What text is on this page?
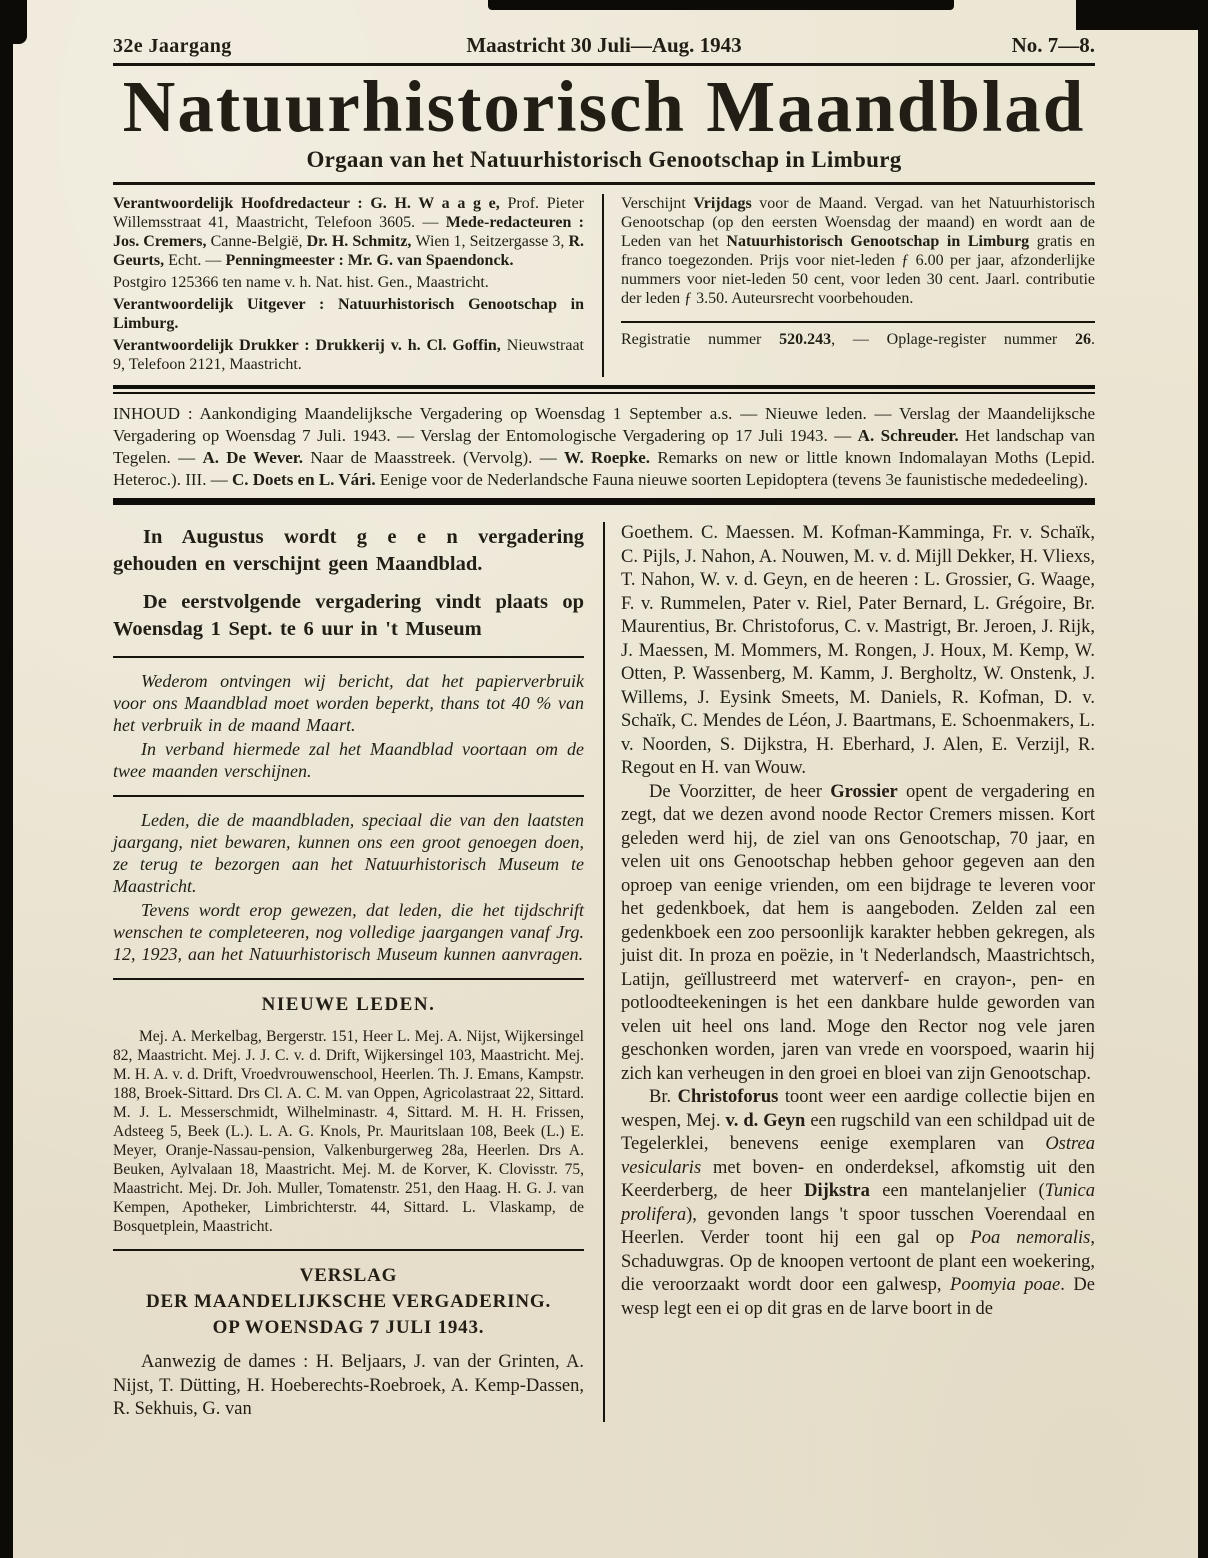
32e Jaargang	Maastricht 30 Juli—Aug. 1943	No. 7—8.
Natuurhistorisch Maandblad
Orgaan van het Natuurhistorisch Genootschap in Limburg

Verantwoordelijk Hoofdredacteur : G. H. W a a g e, Prof. Pieter Willemsstraat 41, Maastricht, Telefoon 3605. — Mede-redacteuren : Jos. Cremers, Canne-België, Dr. H. Schmitz, Wien 1, Seitzergasse 3, R. Geurts, Echt. — Penningmeester : Mr. G. van Spaendonck.

Postgiro 125366 ten name v. h. Nat. hist. Gen., Maastricht.

Verantwoordelijk Uitgever : Natuurhistorisch Genootschap in Limburg.

Verantwoordelijk Drukker : Drukkerij v. h. Cl. Goffin, Nieuwstraat 9, Telefoon 2121, Maastricht.

Verschijnt Vrijdags voor de Maand. Vergad. van het Natuurhistorisch Genootschap (op den eersten Woensdag der maand) en wordt aan de Leden van het Natuurhistorisch Genootschap in Limburg gratis en franco toegezonden. Prijs voor niet-leden ƒ 6.00 per jaar, afzonderlijke nummers voor niet-leden 50 cent, voor leden 30 cent. Jaarl. contributie der leden ƒ 3.50. Auteursrecht voorbehouden.

Registratie nummer 520.243, — Oplage-register nummer 26.

INHOUD : Aankondiging Maandelijksche Vergadering op Woensdag 1 September a.s. — Nieuwe leden. — Verslag der Maandelijksche Vergadering op Woensdag 7 Juli. 1943. — Verslag der Entomologische Vergadering op 17 Juli 1943. — A. Schreuder. Het landschap van Tegelen. — A. De Wever. Naar de Maasstreek. (Vervolg). — W. Roepke. Remarks on new or little known Indomalayan Moths (Lepid. Heteroc.). III. — C. Doets en L. Vári. Eenige voor de Nederlandsche Fauna nieuwe soorten Lepidoptera (tevens 3e faunistische mededeeling).

In Augustus wordt g e e n vergadering gehouden en verschijnt geen Maandblad.

De eerstvolgende vergadering vindt plaats op Woensdag 1 Sept. te 6 uur in 't Museum

Wederom ontvingen wij bericht, dat het papierverbruik voor ons Maandblad moet worden beperkt, thans tot 40 % van het verbruik in de maand Maart.

In verband hiermede zal het Maandblad voortaan om de twee maanden verschijnen.

Leden, die de maandbladen, speciaal die van den laatsten jaargang, niet bewaren, kunnen ons een groot genoegen doen, ze terug te bezorgen aan het Natuurhistorisch Museum te Maastricht.

Tevens wordt erop gewezen, dat leden, die het tijdschrift wenschen te completeeren, nog volledige jaargangen vanaf Jrg. 12, 1923, aan het Natuurhistorisch Museum kunnen aanvragen.

NIEUWE LEDEN.

Mej. A. Merkelbag, Bergerstr. 151, Heer L. Mej. A. Nijst, Wijkersingel 82, Maastricht. Mej. J. J. C. v. d. Drift, Wijkersingel 103, Maastricht. Mej. M. H. A. v. d. Drift, Vroedvrouwenschool, Heerlen. Th. J. Emans, Kampstr. 188, Broek-Sittard. Drs Cl. A. C. M. van Oppen, Agricolastraat 22, Sittard. M. J. L. Messerschmidt, Wilhelminastr. 4, Sittard. M. H. H. Frissen, Adsteeg 5, Beek (L.). L. A. G. Knols, Pr. Mauritslaan 108, Beek (L.) E. Meyer, Oranje-Nassau-pension, Valkenburgerweg 28a, Heerlen. Drs A. Beuken, Aylvalaan 18, Maastricht. Mej. M. de Korver, K. Clovisstr. 75, Maastricht. Mej. Dr. Joh. Muller, Tomatenstr. 251, den Haag. H. G. J. van Kempen, Apotheker, Limbrichterstr. 44, Sittard. L. Vlaskamp, de Bosquetplein, Maastricht.

VERSLAG
DER MAANDELIJKSCHE VERGADERING.
OP WOENSDAG 7 JULI 1943.

Aanwezig de dames : H. Beljaars, J. van der Grinten, A. Nijst, T. Dütting, H. Hoeberechts-Roebroek, A. Kemp-Dassen, R. Sekhuis, G. van

Goethem. C. Maessen. M. Kofman-Kamminga, Fr. v. Schaïk, C. Pijls, J. Nahon, A. Nouwen, M. v. d. Mijll Dekker, H. Vliexs, T. Nahon, W. v. d. Geyn, en de heeren : L. Grossier, G. Waage, F. v. Rummelen, Pater v. Riel, Pater Bernard, L. Grégoire, Br. Maurentius, Br. Christoforus, C. v. Mastrigt, Br. Jeroen, J. Rijk, J. Maessen, M. Mommers, M. Rongen, J. Houx, M. Kemp, W. Otten, P. Wassenberg, M. Kamm, J. Bergholtz, W. Onstenk, J. Willems, J. Eysink Smeets, M. Daniels, R. Kofman, D. v. Schaïk, C. Mendes de Léon, J. Baartmans, E. Schoenmakers, L. v. Noorden, S. Dijkstra, H. Eberhard, J. Alen, E. Verzijl, R. Regout en H. van Wouw.

De Voorzitter, de heer Grossier opent de vergadering en zegt, dat we dezen avond noode Rector Cremers missen. Kort geleden werd hij, de ziel van ons Genootschap, 70 jaar, en velen uit ons Genootschap hebben gehoor gegeven aan den oproep van eenige vrienden, om een bijdrage te leveren voor het gedenkboek, dat hem is aangeboden. Zelden zal een gedenkboek een zoo persoonlijk karakter hebben gekregen, als juist dit. In proza en poëzie, in 't Nederlandsch, Maastrichtsch, Latijn, geïllustreerd met waterverf- en crayon-, pen- en potloodteekeningen is het een dankbare hulde geworden van velen uit heel ons land. Moge den Rector nog vele jaren geschonken worden, jaren van vrede en voorspoed, waarin hij zich kan verheugen in den groei en bloei van zijn Genootschap.

Br. Christoforus toont weer een aardige collectie bijen en wespen, Mej. v. d. Geyn een rugschild van een schildpad uit de Tegelerklei, benevens eenige exemplaren van Ostrea vesicularis met boven- en onderdeksel, afkomstig uit den Keerderberg, de heer Dijkstra een mantelanjelier (Tunica prolifera), gevonden langs 't spoor tusschen Voerendaal en Heerlen. Verder toont hij een gal op Poa nemoralis, Schaduwgras. Op de knoopen vertoont de plant een woekering, die veroorzaakt wordt door een galwesp, Poomyia poae. De wesp legt een ei op dit gras en de larve boort in de
